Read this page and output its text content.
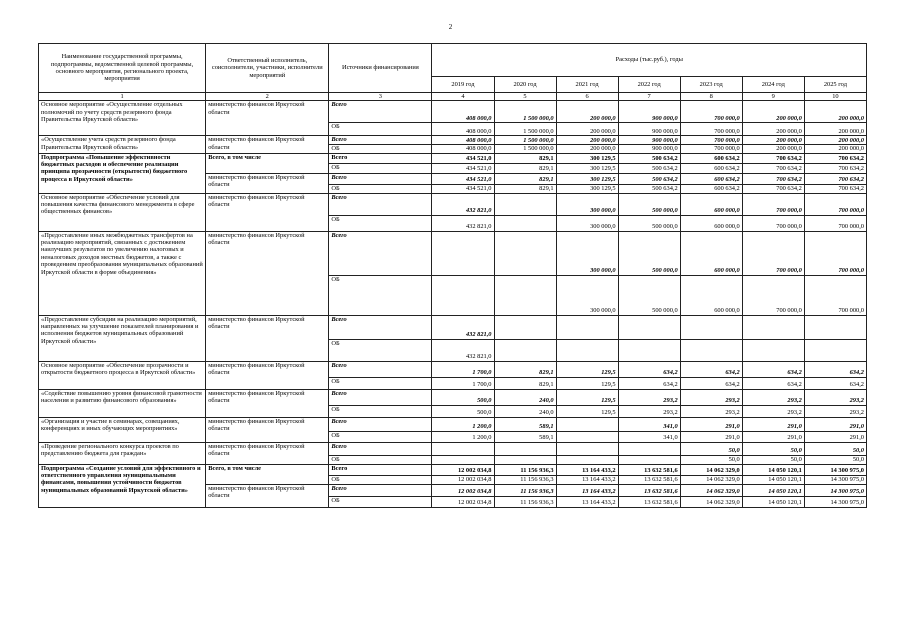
2
Наименование государственной программы, подпрограммы, ведомственной целевой программы, основного мероприятия, регионального проекта, мероприятия	Ответственный исполнитель, соисполнители, участники, исполнители мероприятий	Источники финансирования	Расходы (тыс.руб.), годы						
			2019 год	2020 год	2021 год	2022 год	2023 год	2024 год	2025 год
1	2	3	4	5	6	7	8	9	10
Основное мероприятие «Осуществление отдельных полномочий по учету средств резервного фонда Правительства Иркутской области»	министерство финансов Иркутской области	Всего	408 000,0	1 500 000,0	200 000,0	900 000,0	700 000,0	200 000,0	200 000,0
		ОБ	408 000,0	1 500 000,0	200 000,0	900 000,0	700 000,0	200 000,0	200 000,0
«Осуществление учета средств резервного фонда Правительства Иркутской области»	министерство финансов Иркутской области	Всего	408 000,0	1 500 000,0	200 000,0	900 000,0	700 000,0	200 000,0	200 000,0
		ОБ	408 000,0	1 500 000,0	200 000,0	900 000,0	700 000,0	200 000,0	200 000,0
Подпрограмма «Повышение эффективности бюджетных расходов и обеспечение реализации принципа прозрачности (открытости) бюджетного процесса в Иркутской области»	Всего, в том числе	Всего	434 521,0	829,1	300 129,5	500 634,2	600 634,2	700 634,2	700 634,2
		ОБ	434 521,0	829,1	300 129,5	500 634,2	600 634,2	700 634,2	700 634,2
	министерство финансов Иркутской области	Всего	434 521,0	829,1	300 129,5	500 634,2	600 634,2	700 634,2	700 634,2
		ОБ	434 521,0	829,1	300 129,5	500 634,2	600 634,2	700 634,2	700 634,2
Основное мероприятие «Обеспечение условий для повышения качества финансового менеджмента в сфере общественных финансов»	министерство финансов Иркутской области	Всего	432 821,0		300 000,0	500 000,0	600 000,0	700 000,0	700 000,0
		ОБ	432 821,0		300 000,0	500 000,0	600 000,0	700 000,0	700 000,0
«Предоставление иных межбюджетных трансфертов на реализацию мероприятий, связанных с достижением наилучших результатов по увеличению налоговых и неналоговых доходов местных бюджетов, а также с проведением преобразования муниципальных образований Иркутской области в форме объединения»	министерство финансов Иркутской области	Всего			300 000,0	500 000,0	600 000,0	700 000,0	700 000,0
		ОБ			300 000,0	500 000,0	600 000,0	700 000,0	700 000,0
«Предоставление субсидии на реализацию мероприятий, направленных на улучшение показателей планирования и исполнения бюджетов муниципальных образований Иркутской области»	министерство финансов Иркутской области	Всего	432 821,0						
		ОБ	432 821,0						
Основное мероприятие «Обеспечение прозрачности и открытости бюджетного процесса в Иркутской области»	министерство финансов Иркутской области	Всего	1 700,0	829,1	129,5	634,2	634,2	634,2	634,2
		ОБ	1 700,0	829,1	129,5	634,2	634,2	634,2	634,2
«Содействие повышению уровня финансовой грамотности населения и развитию финансового образования»	министерство финансов Иркутской области	Всего	500,0	240,0	129,5	293,2	293,2	293,2	293,2
		ОБ	500,0	240,0	129,5	293,2	293,2	293,2	293,2
«Организация и участие в семинарах, совещаниях, конференциях и иных обучающих мероприятиях»	министерство финансов Иркутской области	Всего	1 200,0	589,1		341,0	291,0	291,0	291,0
		ОБ	1 200,0	589,1		341,0	291,0	291,0	291,0
«Проведение регионального конкурса проектов по представлению бюджета для граждан»	министерство финансов Иркутской области	Всего					50,0	50,0	50,0
		ОБ					50,0	50,0	50,0
Подпрограмма «Создание условий для эффективного и ответственного управления муниципальными финансами, повышения устойчивости бюджетов муниципальных образований Иркутской области»	Всего, в том числе	Всего	12 002 034,8	11 156 936,3	13 164 433,2	13 632 581,6	14 062 329,0	14 050 120,1	14 300 975,0
		ОБ	12 002 034,8	11 156 936,3	13 164 433,2	13 632 581,6	14 062 329,0	14 050 120,1	14 300 975,0
	министерство финансов Иркутской области	Всего	12 002 034,8	11 156 936,3	13 164 433,2	13 632 581,6	14 062 329,0	14 050 120,1	14 300 975,0
		ОБ	12 002 034,8	11 156 936,3	13 164 433,2	13 632 581,6	14 062 329,0	14 050 120,1	14 300 975,0
